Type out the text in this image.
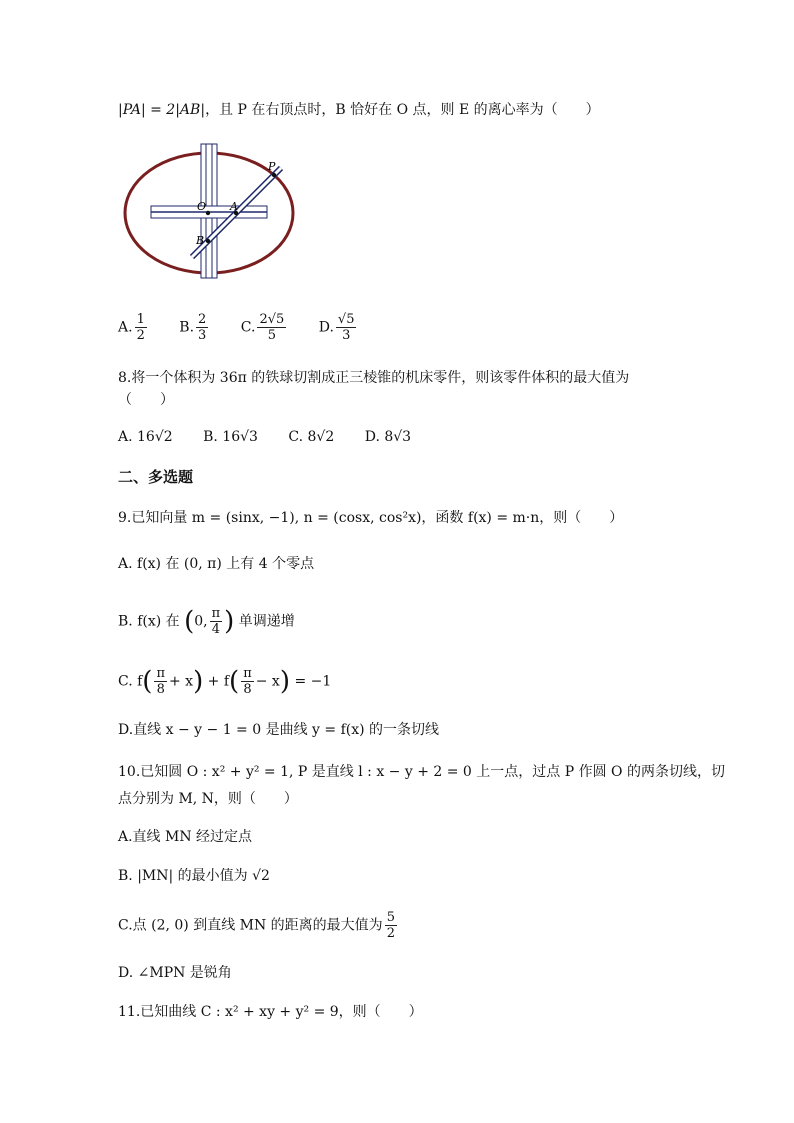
|PA| = 2|AB|，且 P 在右顶点时，B 恰好在 O 点，则 E 的离心率为（　　）
P
O A
B
A. $\frac{1}{2} B$. $\frac{2}{3} C$. $\frac{2√5}{5} D$. $\frac{√5}{3}$
8.将一个体积为 36π 的铁球切割成正三棱锥的机床零件，则该零件体积的最大值为
（　　）
A. 16√2 B. 16√3 C. 8√2 D. 8√3
二、多选题
9.已知向量 m = (sinx, −1), n = (cosx, cos²x)，函数 f(x) = m·n，则（　　）
A. f(x) 在 (0, π) 上有 4 个零点
B. f(x) 在 (0, $\frac{\pi}{4}$ ) 单调递增
C. $f( \frac{\pi}{8} + x) + f( \frac{\pi}{8} - x) = -1$
D.直线 x − y − 1 = 0 是曲线 y = f(x) 的一条切线
10.已知圆 O : x² + y² = 1, P 是直线 l : x − y + 2 = 0 上一点，过点 P 作圆 O 的两条切线，切
点分别为 M, N，则（　　）
A.直线 MN 经过定点
B. |MN| 的最小值为 √2
C.点 (2, 0) 到直线 MN 的距离的最大值为 $\frac{5}{2}$
D. ∠MPN 是锐角
11.已知曲线 C : x² + xy + y² = 9，则（　　）
